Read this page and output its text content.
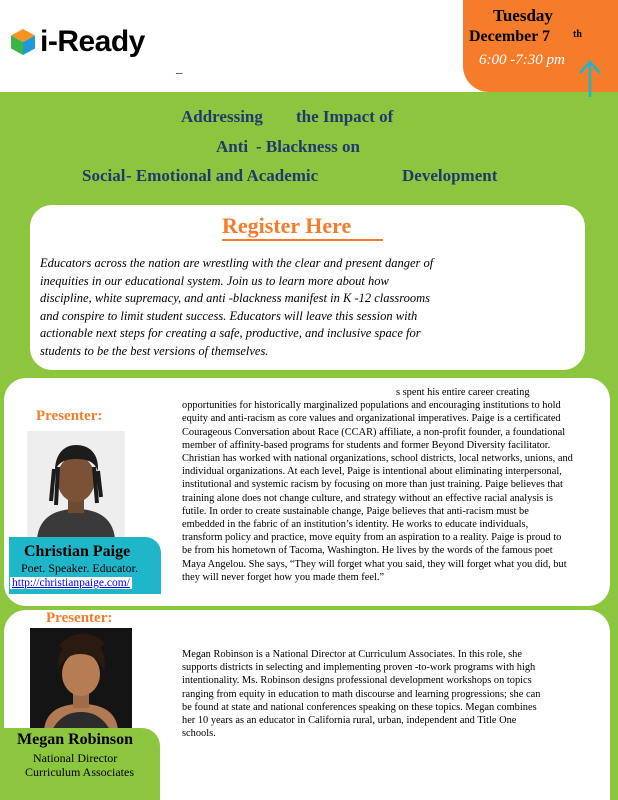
i-Ready
_
Tuesday
December 7 th
6:00 -7:30 pm
Addressing the Impact of
Anti - Blackness on
Social - Emotional and Academic	Development
Register Here

Educators across the nation are wrestling with the clear and present danger of

inequities in our educational system. Join us to learn more about how

discipline, white supremacy, and anti -blackness manifest in K -12 classrooms

and conspire to limit student success. Educators will leave this session with

actionable next steps for creating a safe, productive, and inclusive space for

students to be the best versions of themselves.

Presenter:
Christian Paige
Poet. Speaker. Educator.
http://christianpaige.com/

s spent his entire career creating

opportunities for historically marginalized populations and encouraging institutions to hold

equity and anti-racism as core values and organizational imperatives. Paige is a certificated

Courageous Conversation about Race (CCAR) affiliate, a non-profit founder, a foundational

member of affinity-based programs for students and former Beyond Diversity facilitator.

Christian has worked with national organizations, school districts, local networks, unions, and

individual organizations. At each level, Paige is intentional about eliminating interpersonal,

institutional and systemic racism by focusing on more than just training. Paige believes that

training alone does not change culture, and strategy without an effective racial analysis is

futile. In order to create sustainable change, Paige believes that anti-racism must be

embedded in the fabric of an institution’s identity. He works to educate individuals,

transform policy and practice, move equity from an aspiration to a reality. Paige is proud to

be from his hometown of Tacoma, Washington. He lives by the words of the famous poet

Maya Angelou. She says, “They will forget what you said, they will forget what you did, but

they will never forget how you made them feel.”

Presenter:
Megan Robinson
National Director
Curriculum Associates

Megan Robinson is a National Director at Curriculum Associates. In this role, she

supports districts in selecting and implementing proven -to-work programs with high

intentionality. Ms. Robinson designs professional development workshops on topics

ranging from equity in education to math discourse and learning progressions; she can

be found at state and national conferences speaking on these topics. Megan combines

her 10 years as an educator in California rural, urban, independent and Title One

schools.
